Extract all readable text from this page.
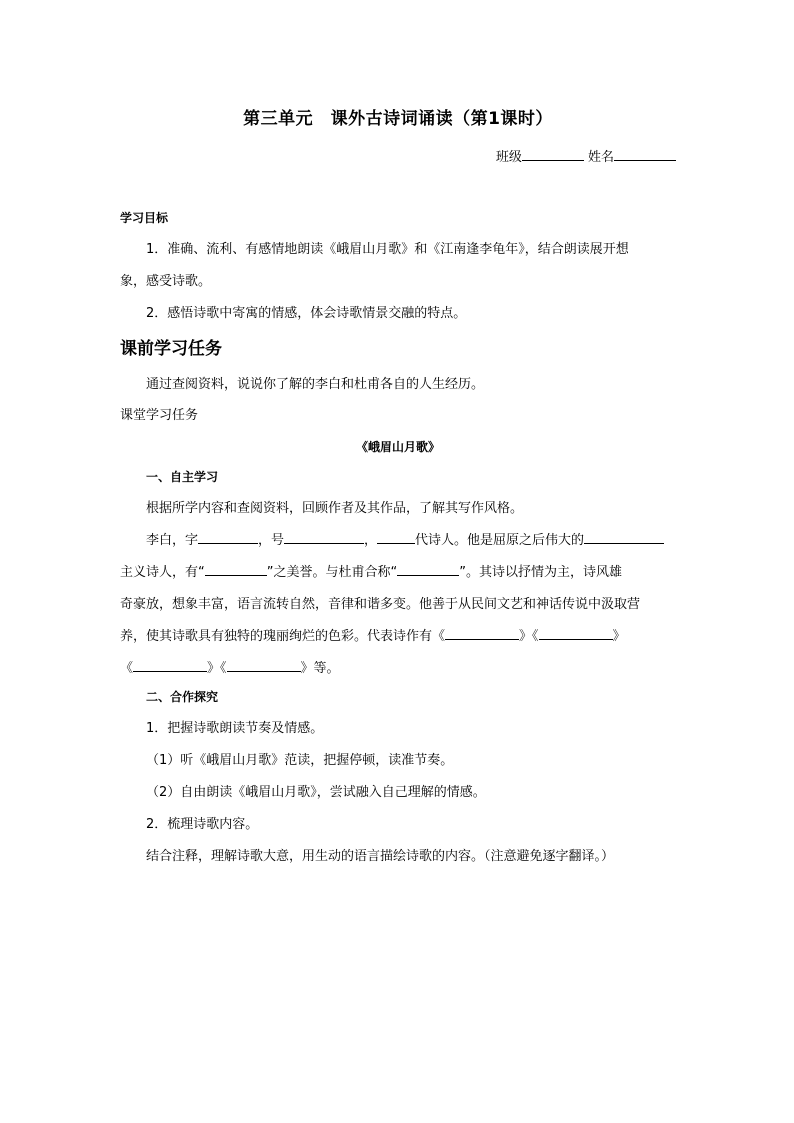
第三单元　课外古诗词诵读（第1课时）
班级	姓名
学习目标
1．准确、流利、有感情地朗读《峨眉山月歌》和《江南逢李龟年》，结合朗读展开想
象，感受诗歌。
2．感悟诗歌中寄寓的情感，体会诗歌情景交融的特点。
课前学习任务
通过查阅资料，说说你了解的李白和杜甫各自的人生经历。
课堂学习任务
《峨眉山月歌》
一、自主学习
根据所学内容和查阅资料，回顾作者及其作品，了解其写作风格。
李白，字	，号	，	代诗人。他是屈原之后伟大的
主义诗人，有“	”之美誉。与杜甫合称“	”。其诗以抒情为主，诗风雄
奇豪放，想象丰富，语言流转自然，音律和谐多变。他善于从民间文艺和神话传说中汲取营
养，使其诗歌具有独特的瑰丽绚烂的色彩。代表诗作有《	》《	》
《	》《	》等。
二、合作探究
1．把握诗歌朗读节奏及情感。
（1）听《峨眉山月歌》范读，把握停顿，读准节奏。
（2）自由朗读《峨眉山月歌》，尝试融入自己理解的情感。
2．梳理诗歌内容。
结合注释，理解诗歌大意，用生动的语言描绘诗歌的内容。（注意避免逐字翻译。）
